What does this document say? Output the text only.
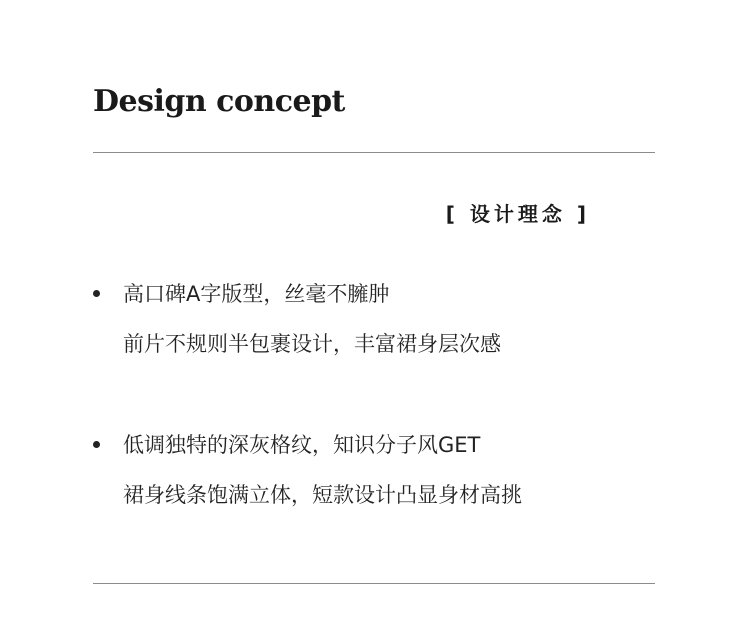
Design concept
[ 设计理念 ]
高口碑A字版型，丝毫不臃肿
前片不规则半包裹设计，丰富裙身层次感
低调独特的深灰格纹，知识分子风GET
裙身线条饱满立体，短款设计凸显身材高挑
